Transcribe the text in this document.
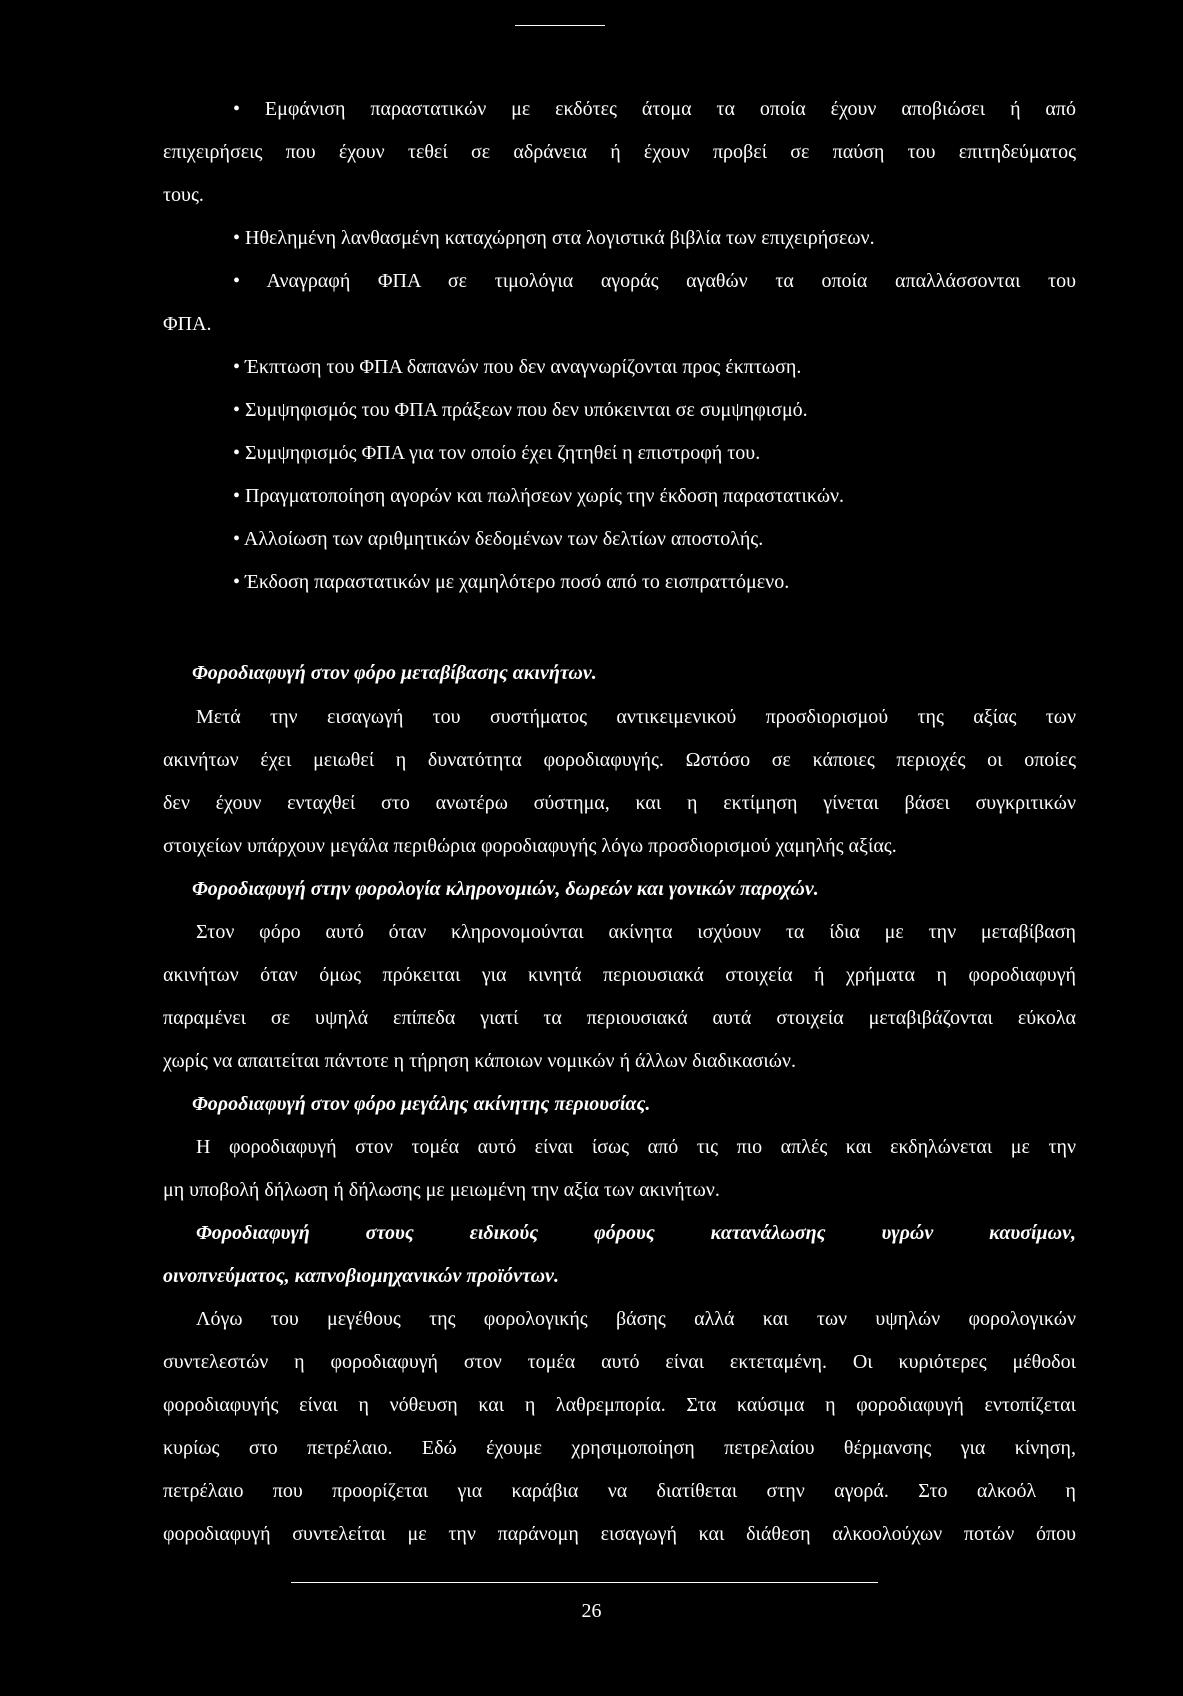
• Εμφάνιση παραστατικών με εκδότες άτομα τα οποία έχουν αποβιώσει ή από
επιχειρήσεις που έχουν τεθεί σε αδράνεια ή έχουν προβεί σε παύση του επιτηδεύματος
τους.
• Ηθελημένη λανθασμένη καταχώρηση στα λογιστικά βιβλία των επιχειρήσεων.
• Αναγραφή ΦΠΑ σε τιμολόγια αγοράς αγαθών τα οποία απαλλάσσονται του
ΦΠΑ.
• Έκπτωση του ΦΠΑ δαπανών που δεν αναγνωρίζονται προς έκπτωση.
• Συμψηφισμός του ΦΠΑ πράξεων που δεν υπόκεινται σε συμψηφισμό.
• Συμψηφισμός ΦΠΑ για τον οποίο έχει ζητηθεί η επιστροφή του.
• Πραγματοποίηση αγορών και πωλήσεων χωρίς την έκδοση παραστατικών.
• Αλλοίωση των αριθμητικών δεδομένων των δελτίων αποστολής.
• Έκδοση παραστατικών με χαμηλότερο ποσό από το εισπραττόμενο.
Φοροδιαφυγή στον φόρο μεταβίβασης ακινήτων.
Μετά την εισαγωγή του συστήματος αντικειμενικού προσδιορισμού της αξίας των
ακινήτων έχει μειωθεί η δυνατότητα φοροδιαφυγής. Ωστόσο σε κάποιες περιοχές οι οποίες
δεν έχουν ενταχθεί στο ανωτέρω σύστημα, και η εκτίμηση γίνεται βάσει συγκριτικών
στοιχείων υπάρχουν μεγάλα περιθώρια φοροδιαφυγής λόγω προσδιορισμού χαμηλής αξίας.
Φοροδιαφυγή στην φορολογία κληρονομιών, δωρεών και γονικών παροχών.
Στον φόρο αυτό όταν κληρονομούνται ακίνητα ισχύουν τα ίδια με την μεταβίβαση
ακινήτων όταν όμως πρόκειται για κινητά περιουσιακά στοιχεία ή χρήματα η φοροδιαφυγή
παραμένει σε υψηλά επίπεδα γιατί τα περιουσιακά αυτά στοιχεία μεταβιβάζονται εύκολα
χωρίς να απαιτείται πάντοτε η τήρηση κάποιων νομικών ή άλλων διαδικασιών.
Φοροδιαφυγή στον φόρο μεγάλης ακίνητης περιουσίας.
Η φοροδιαφυγή στον τομέα αυτό είναι ίσως από τις πιο απλές και εκδηλώνεται με την
μη υποβολή δήλωση ή δήλωσης με μειωμένη την αξία των ακινήτων.
Φοροδιαφυγή στους ειδικούς φόρους κατανάλωσης υγρών καυσίμων,
οινοπνεύματος, καπνοβιομηχανικών προϊόντων.
Λόγω του μεγέθους της φορολογικής βάσης αλλά και των υψηλών φορολογικών
συντελεστών η φοροδιαφυγή στον τομέα αυτό είναι εκτεταμένη. Οι κυριότερες μέθοδοι
φοροδιαφυγής είναι η νόθευση και η λαθρεμπορία. Στα καύσιμα η φοροδιαφυγή εντοπίζεται
κυρίως στο πετρέλαιο. Εδώ έχουμε χρησιμοποίηση πετρελαίου θέρμανσης για κίνηση,
πετρέλαιο που προορίζεται για καράβια να διατίθεται στην αγορά. Στο αλκοόλ η
φοροδιαφυγή συντελείται με την παράνομη εισαγωγή και διάθεση αλκοολούχων ποτών όπου
26
